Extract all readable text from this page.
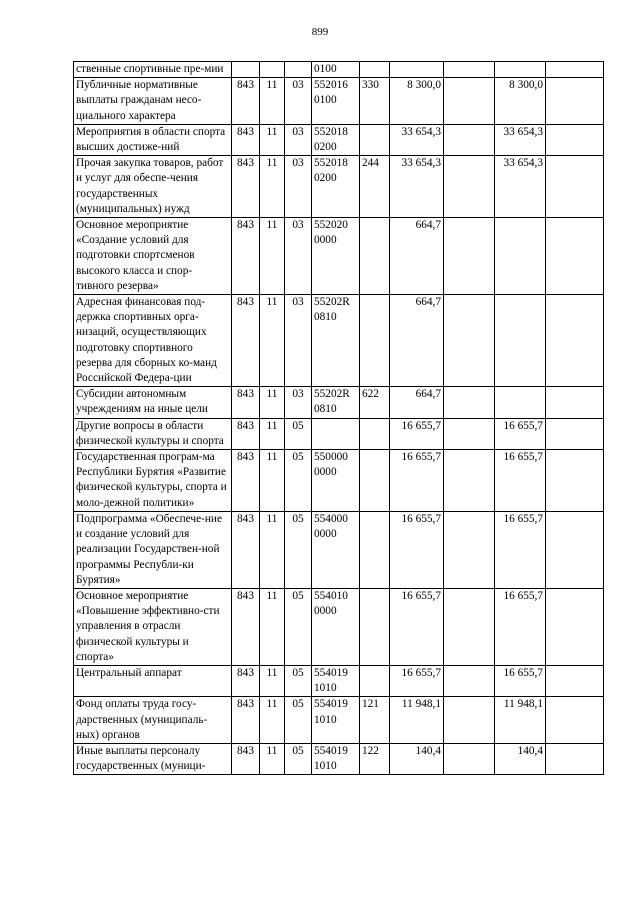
899
ственные спортивные пре-мии				0100					
Публичные нормативные выплаты гражданам несо-циального характера	843	11	03	552016 0100	330	8 300,0		8 300,0	
Мероприятия в области спорта высших достиже-ний	843	11	03	552018 0200		33 654,3		33 654,3	
Прочая закупка товаров, работ и услуг для обеспе-чения государственных (муниципальных) нужд	843	11	03	552018 0200	244	33 654,3		33 654,3	
Основное мероприятие «Создание условий для подготовки спортсменов высокого класса и спор-тивного резерва»	843	11	03	552020 0000		664,7			
Адресная финансовая под-держка спортивных орга-низаций, осуществляющих подготовку спортивного резерва для сборных ко-манд Российской Федера-ции	843	11	03	55202R 0810		664,7			
Субсидии автономным учреждениям на иные цели	843	11	03	55202R 0810	622	664,7			
Другие вопросы в области физической культуры и спорта	843	11	05			16 655,7		16 655,7	
Государственная програм-ма Республики Бурятия «Развитие физической культуры, спорта и моло-дежной политики»	843	11	05	550000 0000		16 655,7		16 655,7	
Подпрограмма «Обеспече-ние и создание условий для реализации Государствен-ной программы Республи-ки Бурятия»	843	11	05	554000 0000		16 655,7		16 655,7	
Основное мероприятие «Повышение эффективно-сти управления в отрасли физической культуры и спорта»	843	11	05	554010 0000		16 655,7		16 655,7	
Центральный аппарат	843	11	05	554019 1010		16 655,7		16 655,7	
Фонд оплаты труда госу-дарственных (муниципаль-ных) органов	843	11	05	554019 1010	121	11 948,1		11 948,1	
Иные выплаты персоналу государственных (муници-	843	11	05	554019 1010	122	140,4		140,4	
